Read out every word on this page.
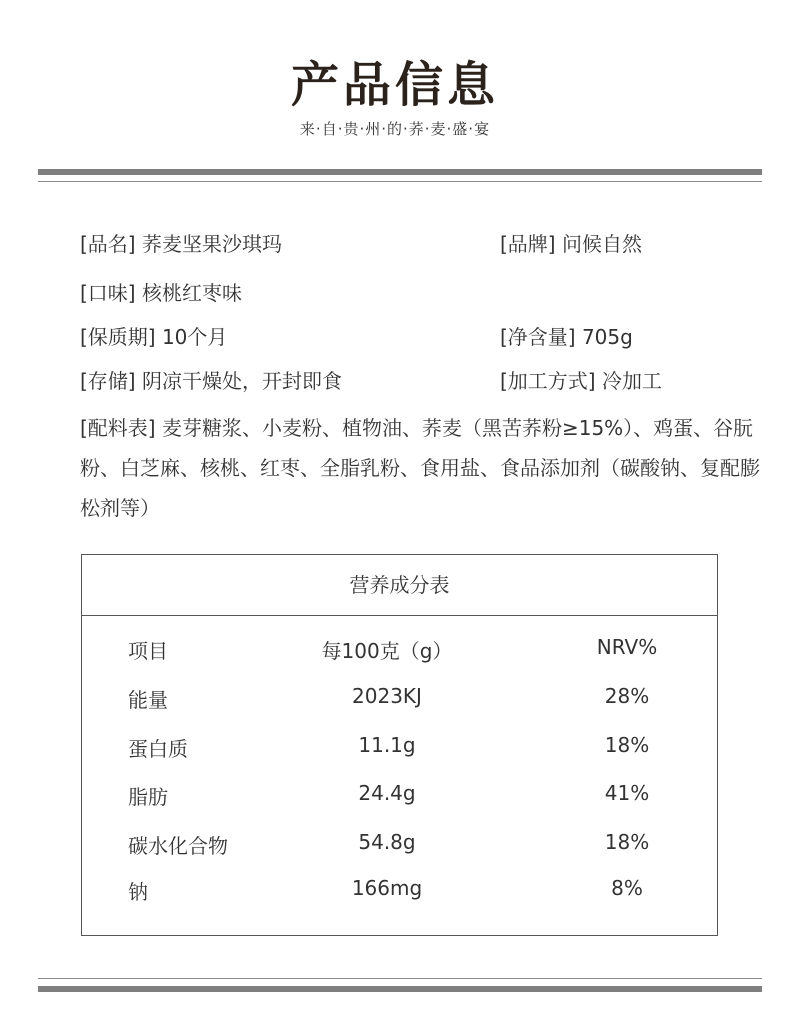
产品信息
来·自·贵·州·的·荞·麦·盛·宴
[品名] 荞麦坚果沙琪玛	[品牌] 问候自然
[口味] 核桃红枣味
[保质期] 10个月	[净含量] 705g
[存储] 阴凉干燥处，开封即食	[加工方式] 冷加工
[配料表] 麦芽糖浆、小麦粉、植物油、荞麦（黑苦荞粉≥15%）、鸡蛋、谷朊粉、白芝麻、核桃、红枣、全脂乳粉、食用盐、食品添加剂（碳酸钠、复配膨松剂等）
营养成分表
项目	每100克（g）	NRV%
能量	2023KJ	28%
蛋白质	11.1g	18%
脂肪	24.4g	41%
碳水化合物	54.8g	18%
钠	166mg	8%
